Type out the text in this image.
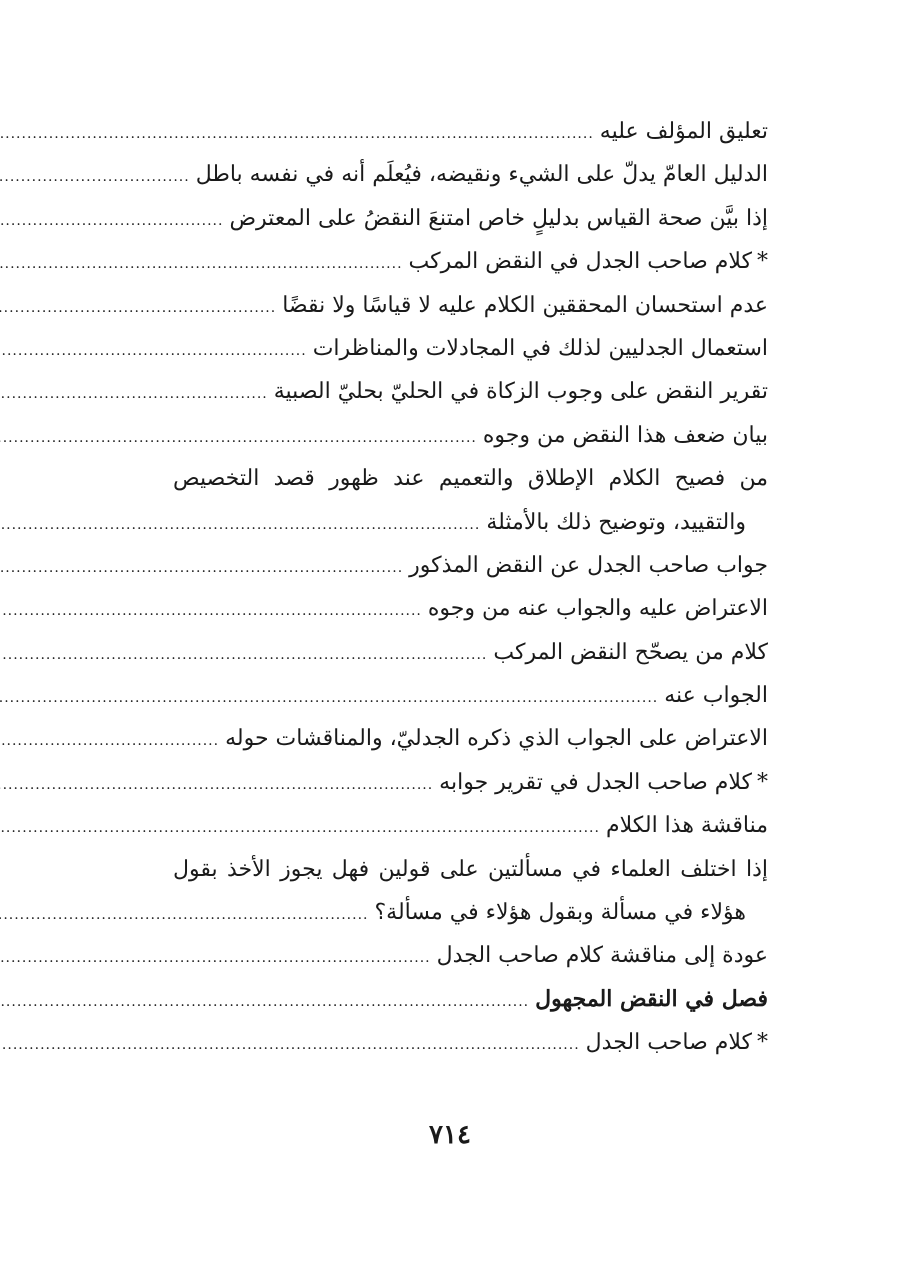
تعليق المؤلف عليه
.....
الدليل العامّ يدلّ على الشيء ونقيضه، فيُعلَم أنه في نفسه باطل
.....
إذا بيَّن صحة القياس بدليلٍ خاص امتنعَ النقضُ على المعترض
.....
*كلام صاحب الجدل في النقض المركب
.....
عدم استحسان المحققين الكلام عليه لا قياسًا ولا نقضًا
.....
استعمال الجدليين لذلك في المجادلات والمناظرات
.....
تقرير النقض على وجوب الزكاة في الحليّ بحليّ الصبية
.....
بيان ضعف هذا النقض من وجوه
.....
من فصيح الكلام الإطلاق والتعميم عند ظهور قصد التخصيص
والتقييد، وتوضيح ذلك بالأمثلة
.....
جواب صاحب الجدل عن النقض المذكور
.....
الاعتراض عليه والجواب عنه من وجوه
.....
كلام من يصحّح النقض المركب
.....
الجواب عنه
.....
الاعتراض على الجواب الذي ذكره الجدليّ، والمناقشات حوله
.....
*كلام صاحب الجدل في تقرير جوابه
.....
مناقشة هذا الكلام
.....
إذا اختلف العلماء في مسألتين على قولين فهل يجوز الأخذ بقول
هؤلاء في مسألة وبقول هؤلاء في مسألة؟
.....
عودة إلى مناقشة كلام صاحب الجدل
.....
فصل في النقض المجهول
.....
*كلام صاحب الجدل
.....
٧١٤
